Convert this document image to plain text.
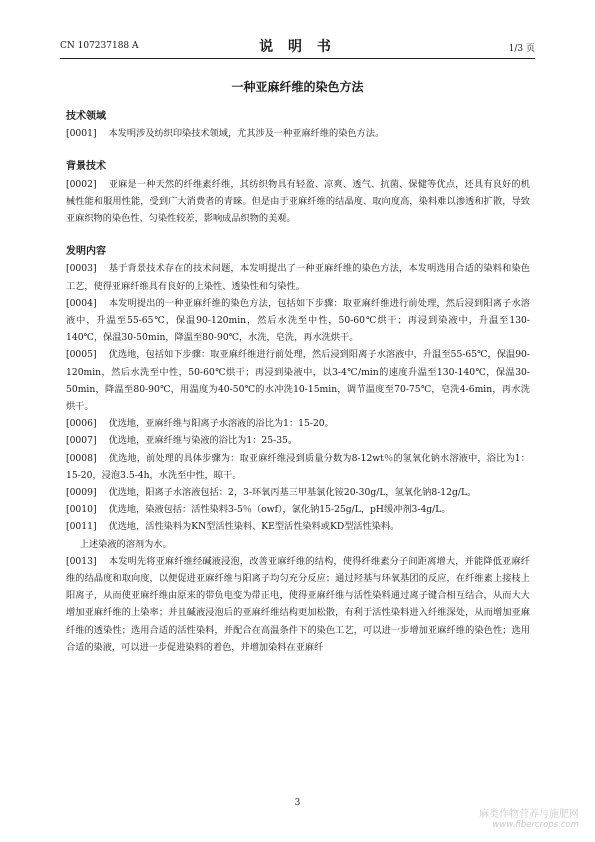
CN 107237188 A	说 明 书	1/3 页
一种亚麻纤维的染色方法

技术领域

[0001] 本发明涉及纺织印染技术领域，尤其涉及一种亚麻纤维的染色方法。

背景技术

[0002] 亚麻是一种天然的纤维素纤维，其纺织物具有轻盈、凉爽、透气、抗菌、保健等优点，还具有良好的机械性能和服用性能，受到广大消费者的青睐。但是由于亚麻纤维的结晶度、取向度高，染料难以渗透和扩散，导致亚麻织物的染色性、匀染性较差，影响成品织物的美观。

发明内容

[0003] 基于背景技术存在的技术问题，本发明提出了一种亚麻纤维的染色方法，本发明选用合适的染料和染色工艺，使得亚麻纤维具有良好的上染性、透染性和匀染性。

[0004] 本发明提出的一种亚麻纤维的染色方法，包括如下步骤：取亚麻纤维进行前处理，然后浸到阳离子水溶液中，升温至55-65℃，保温90-120min，然后水洗至中性，50-60℃烘干；再浸到染液中，升温至130-140℃，保温30-50min，降温至80-90℃，水洗，皂洗，再水洗烘干。

[0005] 优选地，包括如下步骤：取亚麻纤维进行前处理，然后浸到阳离子水溶液中，升温至55-65℃，保温90-120min，然后水洗至中性，50-60℃烘干；再浸到染液中，以3-4℃/min的速度升温至130-140℃，保温30-50min，降温至80-90℃，用温度为40-50℃的水冲洗10-15min，调节温度至70-75℃，皂洗4-6min，再水洗烘干。

[0006] 优选地，亚麻纤维与阳离子水溶液的浴比为1：15-20。

[0007] 优选地，亚麻纤维与染液的浴比为1：25-35。

[0008] 优选地，前处理的具体步骤为：取亚麻纤维浸到质量分数为8-12wt％的氢氧化钠水溶液中，浴比为1：15-20，浸泡3.5-4h，水洗至中性，晾干。

[0009] 优选地，阳离子水溶液包括：2，3-环氧丙基三甲基氯化铵20-30g/L，氢氧化钠8-12g/L。

[0010] 优选地，染液包括：活性染料3-5％（owf），氯化钠15-25g/L，pH缓冲剂3-4g/L。

[0011] 优选地，活性染料为KN型活性染料、KE型活性染料或KD型活性染料。

上述染液的溶剂为水。

[0013] 本发明先将亚麻纤维经碱液浸泡，改善亚麻纤维的结构，使得纤维素分子间距离增大，并能降低亚麻纤维的结晶度和取向度，以便促进亚麻纤维与阳离子均匀充分反应；通过羟基与环氧基团的反应，在纤维素上接枝上阳离子，从而使亚麻纤维由原来的带负电变为带正电，使得亚麻纤维与活性染料通过离子键合相互结合，从而大大增加亚麻纤维的上染率；并且碱液浸泡后的亚麻纤维结构更加松散，有利于活性染料进入纤维深处，从而增加亚麻纤维的透染性；选用合适的活性染料，并配合在高温条件下的染色工艺，可以进一步增加亚麻纤维的染色性；选用合适的染液，可以进一步促进染料的着色，并增加染料在亚麻纤

3
麻类作物营养与施肥网
www.fibercrops.com
